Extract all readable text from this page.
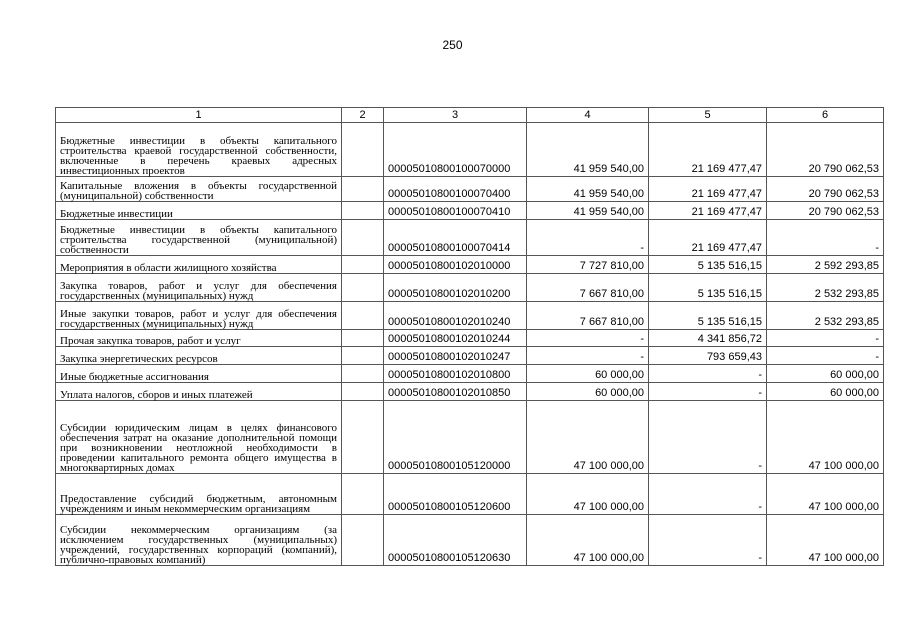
250
1	2	3	4	5	6
Бюджетные инвестиции в объекты капитального строительства краевой государственной собственности, включенные в перечень краевых адресных инвестиционных проектов		00005010800100070000	41 959 540,00	21 169 477,47	20 790 062,53
Капитальные вложения в объекты государственной (муниципальной) собственности		00005010800100070400	41 959 540,00	21 169 477,47	20 790 062,53
Бюджетные инвестиции		00005010800100070410	41 959 540,00	21 169 477,47	20 790 062,53
Бюджетные инвестиции в объекты капитального строительства государственной (муниципальной) собственности		00005010800100070414	-	21 169 477,47	-
Мероприятия в области жилищного хозяйства		00005010800102010000	7 727 810,00	5 135 516,15	2 592 293,85
Закупка товаров, работ и услуг для обеспечения государственных (муниципальных) нужд		00005010800102010200	7 667 810,00	5 135 516,15	2 532 293,85
Иные закупки товаров, работ и услуг для обеспечения государственных (муниципальных) нужд		00005010800102010240	7 667 810,00	5 135 516,15	2 532 293,85
Прочая закупка товаров, работ и услуг		00005010800102010244	-	4 341 856,72	-
Закупка энергетических ресурсов		00005010800102010247	-	793 659,43	-
Иные бюджетные ассигнования		00005010800102010800	60 000,00	-	60 000,00
Уплата налогов, сборов и иных платежей		00005010800102010850	60 000,00	-	60 000,00
Субсидии юридическим лицам в целях финансового обеспечения затрат на оказание дополнительной помощи при возникновении неотложной необходимости в проведении капитального ремонта общего имущества в многоквартирных домах		00005010800105120000	47 100 000,00	-	47 100 000,00
Предоставление субсидий бюджетным, автономным учреждениям и иным некоммерческим организациям		00005010800105120600	47 100 000,00	-	47 100 000,00
Субсидии некоммерческим организациям (за исключением государственных (муниципальных) учреждений, государственных корпораций (компаний), публично-правовых компаний)		00005010800105120630	47 100 000,00	-	47 100 000,00
